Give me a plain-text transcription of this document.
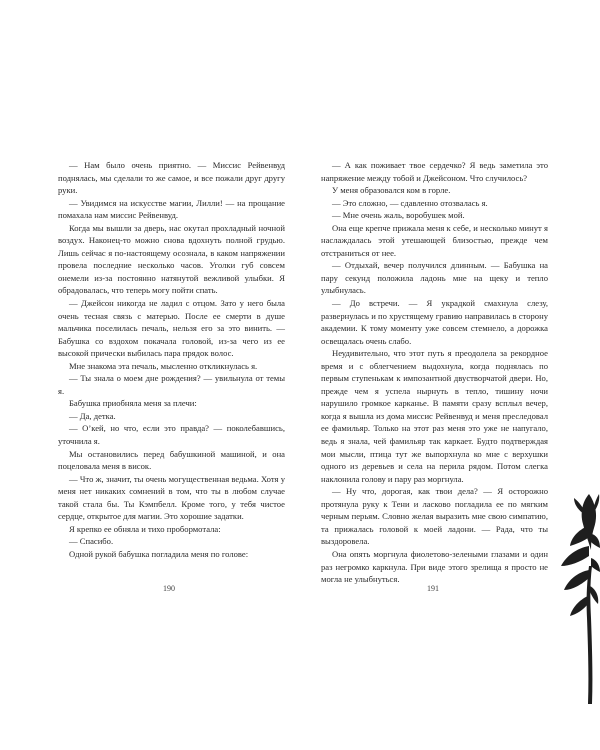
— Нам было очень приятно. — Миссис Рейвенвуд поднялась, мы сделали то же самое, и все пожали друг другу руки.

— Увидимся на искусстве магии, Лилли! — на прощание помахала нам миссис Рейвенвуд.

Когда мы вышли за дверь, нас окутал прохладный ночной воздух. Наконец-то можно снова вдохнуть полной грудью. Лишь сейчас я по-настоящему осознала, в каком напряжении провела последние несколько часов. Уголки губ совсем онемели из-за постоянно натянутой вежливой улыбки. Я обрадовалась, что теперь могу пойти спать.

— Джейсон никогда не ладил с отцом. Зато у него была очень тесная связь с матерью. После ее смерти в душе мальчика поселилась печаль, нельзя его за это винить. — Бабушка со вздохом покачала головой, из-за чего из ее высокой прически выбилась пара прядок волос.

Мне знакома эта печаль, мысленно откликнулась я.

— Ты знала о моем дне рождения? — увильнула от темы я.

Бабушка приобняла меня за плечи:

— Да, детка.

— О’кей, но что, если это правда? — поколебавшись, уточнила я.

Мы остановились перед бабушкиной машиной, и она поцеловала меня в висок.

— Что ж, значит, ты очень могущественная ведьма. Хотя у меня нет никаких сомнений в том, что ты в любом случае такой стала бы. Ты Кэмпбелл. Кроме того, у тебя чистое сердце, открытое для магии. Это хорошие задатки.

Я крепко ее обняла и тихо пробормотала:

— Спасибо.

Одной рукой бабушка погладила меня по голове:

190

— А как поживает твое сердечко? Я ведь заметила это напряжение между тобой и Джейсоном. Что случилось?

У меня образовался ком в горле.

— Это сложно, — сдавленно отозвалась я.

— Мне очень жаль, воробушек мой.

Она еще крепче прижала меня к себе, и несколько минут я наслаждалась этой утешающей близостью, прежде чем отстраниться от нее.

— Отдыхай, вечер получился длинным. — Бабушка на пару секунд положила ладонь мне на щеку и тепло улыбнулась.

— До встречи. — Я украдкой смахнула слезу, развернулась и по хрустящему гравию направилась в сторону академии. К тому моменту уже совсем стемнело, а дорожка освещалась очень слабо.

Неудивительно, что этот путь я преодолела за рекордное время и с облегчением выдохнула, когда поднялась по первым ступенькам к импозантной двустворчатой двери. Но, прежде чем я успела нырнуть в тепло, тишину ночи нарушило громкое карканье. В памяти сразу всплыл вечер, когда я вышла из дома миссис Рейвенвуд и меня преследовал ее фамильяр. Только на этот раз меня это уже не напугало, ведь я знала, чей фамильяр так каркает. Будто подтверждая мои мысли, птица тут же выпорхнула ко мне с верхушки одного из деревьев и села на перила рядом. Потом слегка наклонила голову и пару раз моргнула.

— Ну что, дорогая, как твои дела? — Я осторожно протянула руку к Тени и ласково погладила ее по мягким черным перьям. Словно желая выразить мне свою симпатию, та прижалась головой к моей ладони. — Рада, что ты выздоровела.

Она опять моргнула фиолетово-зелеными глазами и один раз негромко каркнула. При виде этого зрелища я просто не могла не улыбнуться.

191
